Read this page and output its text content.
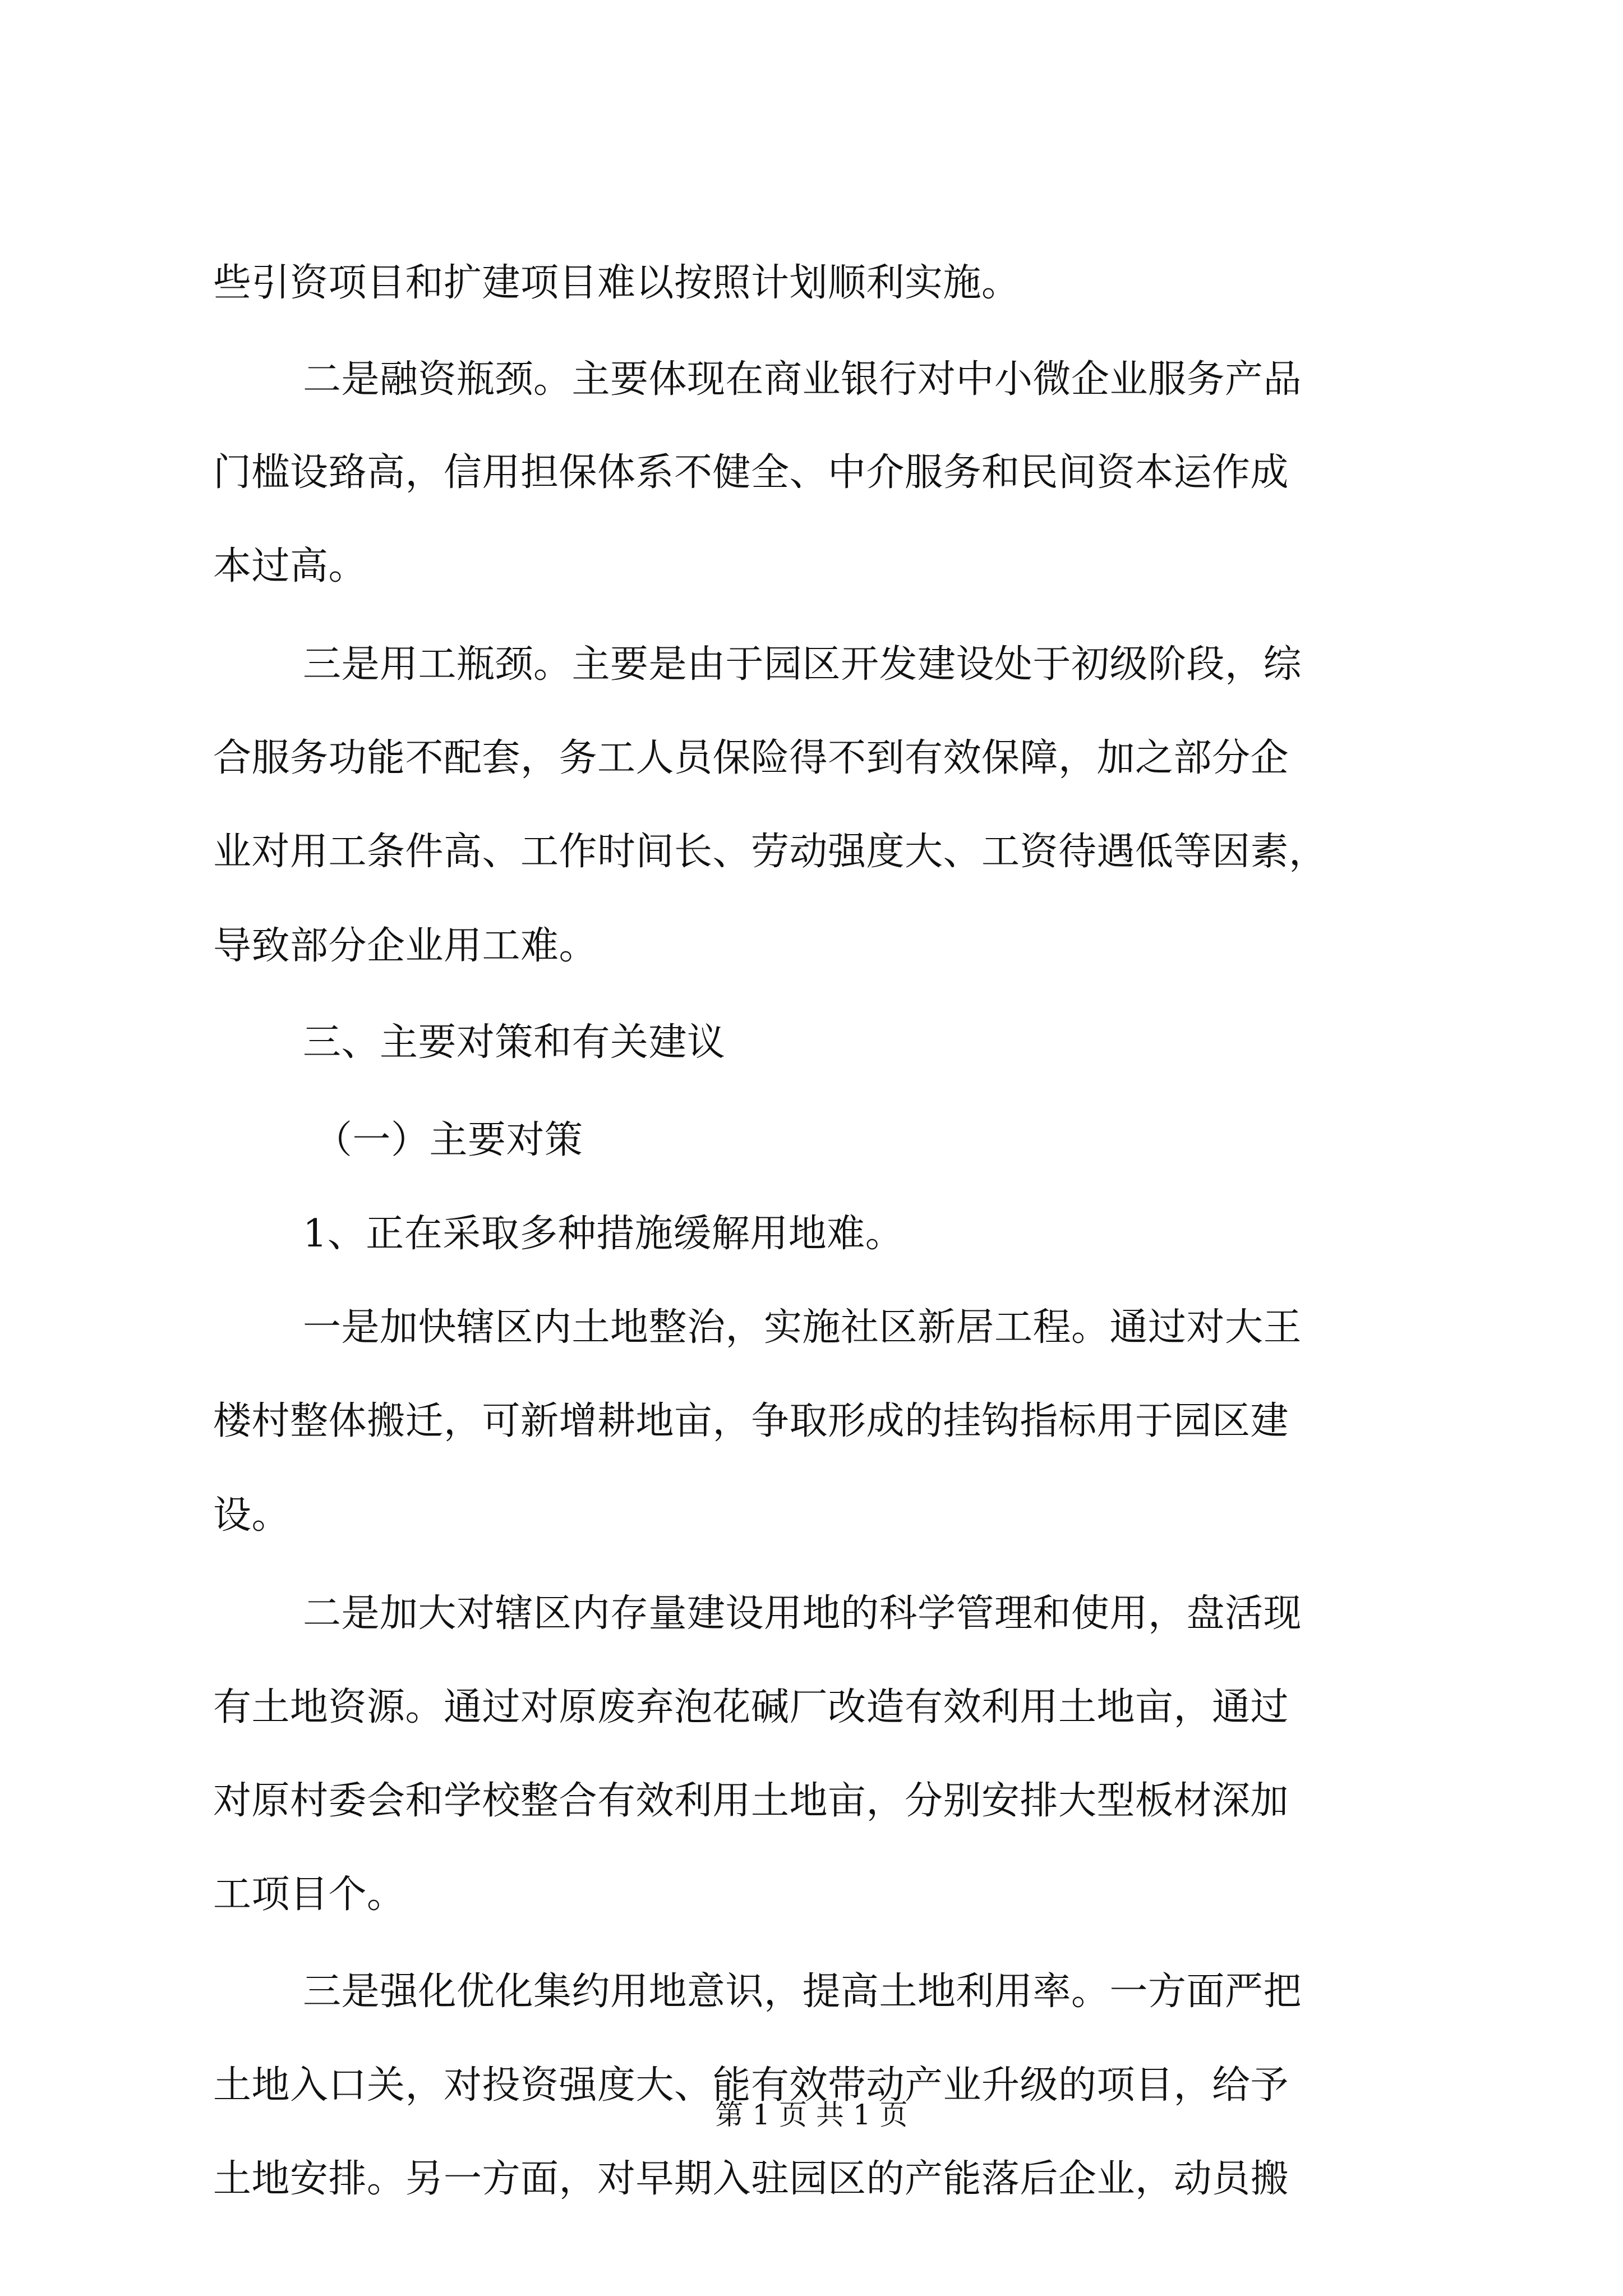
些引资项目和扩建项目难以按照计划顺利实施。
二是融资瓶颈。主要体现在商业银行对中小微企业服务产品
门槛设臵高，信用担保体系不健全、中介服务和民间资本运作成
本过高。
三是用工瓶颈。主要是由于园区开发建设处于初级阶段，综
合服务功能不配套，务工人员保险得不到有效保障，加之部分企
业对用工条件高、工作时间长、劳动强度大、工资待遇低等因素，
导致部分企业用工难。
三、主要对策和有关建议
（一）主要对策
1、正在采取多种措施缓解用地难。
一是加快辖区内土地整治，实施社区新居工程。通过对大王
楼村整体搬迁，可新增耕地亩，争取形成的挂钩指标用于园区建
设。
二是加大对辖区内存量建设用地的科学管理和使用，盘活现
有土地资源。通过对原废弃泡花碱厂改造有效利用土地亩，通过
对原村委会和学校整合有效利用土地亩，分别安排大型板材深加
工项目个。
三是强化优化集约用地意识，提高土地利用率。一方面严把
土地入口关，对投资强度大、能有效带动产业升级的项目，给予
土地安排。另一方面，对早期入驻园区的产能落后企业，动员搬
第 1 页 共 1 页
